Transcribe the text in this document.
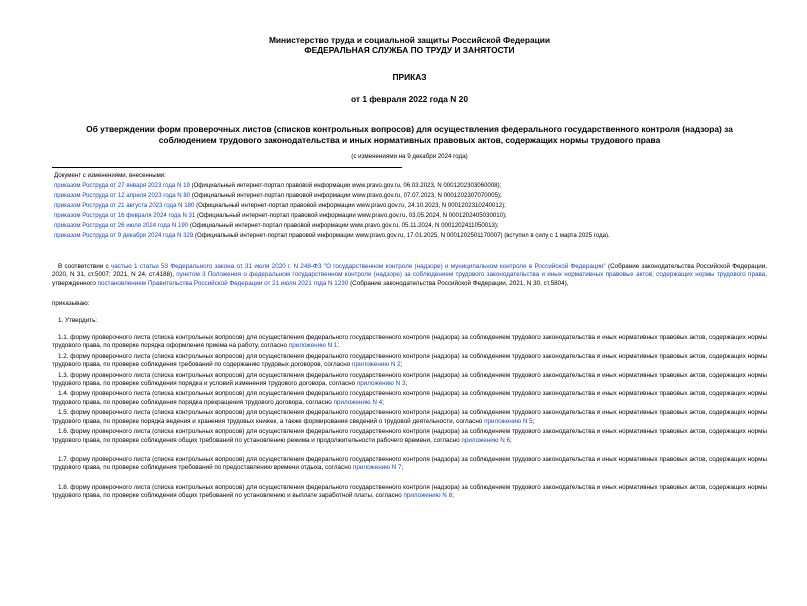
Министерство труда и социальной защиты Российской Федерации
ФЕДЕРАЛЬНАЯ СЛУЖБА ПО ТРУДУ И ЗАНЯТОСТИ
ПРИКАЗ
от 1 февраля 2022 года N 20
Об утверждении форм проверочных листов (списков контрольных вопросов) для осуществления федерального государственного контроля (надзора) за соблюдением трудового законодательства и иных нормативных правовых актов, содержащих нормы трудового права
(с изменениями на 9 декабря 2024 года)
Документ с изменениями, внесенными:
приказом Роструда от 27 января 2023 года N 19 (Официальный интернет-портал правовой информации www.pravo.gov.ru, 06.03.2023, N 0001202303060008);
приказом Роструда от 12 апреля 2023 года N 80 (Официальный интернет-портал правовой информации www.pravo.gov.ru, 07.07.2023, N 0001202307070005);
приказом Роструда от 21 августа 2023 года N 180 (Официальный интернет-портал правовой информации www.pravo.gov.ru, 24.10.2023, N 0001202310240012);
приказом Роструда от 16 февраля 2024 года N 31 (Официальный интернет-портал правовой информации www.pravo.gov.ru, 03.05.2024, N 0001202405030010);
приказом Роструда от 26 июля 2024 года N 190 (Официальный интернет-портал правовой информации www.pravo.gov.ru, 05.11.2024, N 0001202411050013);
приказом Роструда от 9 декабря 2024 года N 329 (Официальный интернет-портал правовой информации www.pravo.gov.ru, 17.01.2025, N 0001202501170007) (вступил в силу с 1 марта 2025 года).
В соответствии с частью 1 статьи 53 Федерального закона от 31 июля 2020 г. N 248-ФЗ "О государственном контроле (надзоре) и муниципальном контроле в Российской Федерации" (Собрание законодательства Российской Федерации, 2020, N 31, ст.5007; 2021, N 24, ст.4188), пунктом 3 Положения о федеральном государственном контроле (надзоре) за соблюдением трудового законодательства и иных нормативных правовых актов, содержащих нормы трудового права, утвержденного постановлением Правительства Российской Федерации от 21 июля 2021 года N 1230 (Собрание законодательства Российской Федерации, 2021, N 30, ст.5804),
приказываю:
1. Утвердить:
1.1. форму проверочного листа (списка контрольных вопросов) для осуществления федерального государственного контроля (надзора) за соблюдением трудового законодательства и иных нормативных правовых актов, содержащих нормы трудового права, по проверке порядка оформления приема на работу, согласно приложению N 1;
1.2. форму проверочного листа (списка контрольных вопросов) для осуществления федерального государственного контроля (надзора) за соблюдением трудового законодательства и иных нормативных правовых актов, содержащих нормы трудового права, по проверке соблюдения требований по содержанию трудовых договоров, согласно приложению N 2;
1.3. форму проверочного листа (списка контрольных вопросов) для осуществления федерального государственного контроля (надзора) за соблюдением трудового законодательства и иных нормативных правовых актов, содержащих нормы трудового права, по проверке соблюдения порядка и условий изменения трудового договора, согласно приложению N 3;
1.4. форму проверочного листа (списка контрольных вопросов) для осуществления федерального государственного контроля (надзора) за соблюдением трудового законодательства и иных нормативных правовых актов, содержащих нормы трудового права, по проверке соблюдения порядка прекращения трудового договора, согласно приложению N 4;
1.5. форму проверочного листа (списка контрольных вопросов) для осуществления федерального государственного контроля (надзора) за соблюдением трудового законодательства и иных нормативных правовых актов, содержащих нормы трудового права, по проверке порядка ведения и хранения трудовых книжек, а также формирования сведений о трудовой деятельности, согласно приложению N 5;
1.6. форму проверочного листа (списка контрольных вопросов) для осуществления федерального государственного контроля (надзора) за соблюдением трудового законодательства и иных нормативных правовых актов, содержащих нормы трудового права, по проверке соблюдения общих требований по установлению режима и продолжительности рабочего времени, согласно приложению N 6;
1.7. форму проверочного листа (списка контрольных вопросов) для осуществления федерального государственного контроля (надзора) за соблюдением трудового законодательства и иных нормативных правовых актов, содержащих нормы трудового права, по проверке соблюдения требований по предоставлению времени отдыха, согласно приложению N 7;
1.8. форму проверочного листа (списка контрольных вопросов) для осуществления федерального государственного контроля (надзора) за соблюдением трудового законодательства и иных нормативных правовых актов, содержащих нормы трудового права, по проверке соблюдения общих требований по установлению и выплате заработной платы, согласно приложению N 8;
